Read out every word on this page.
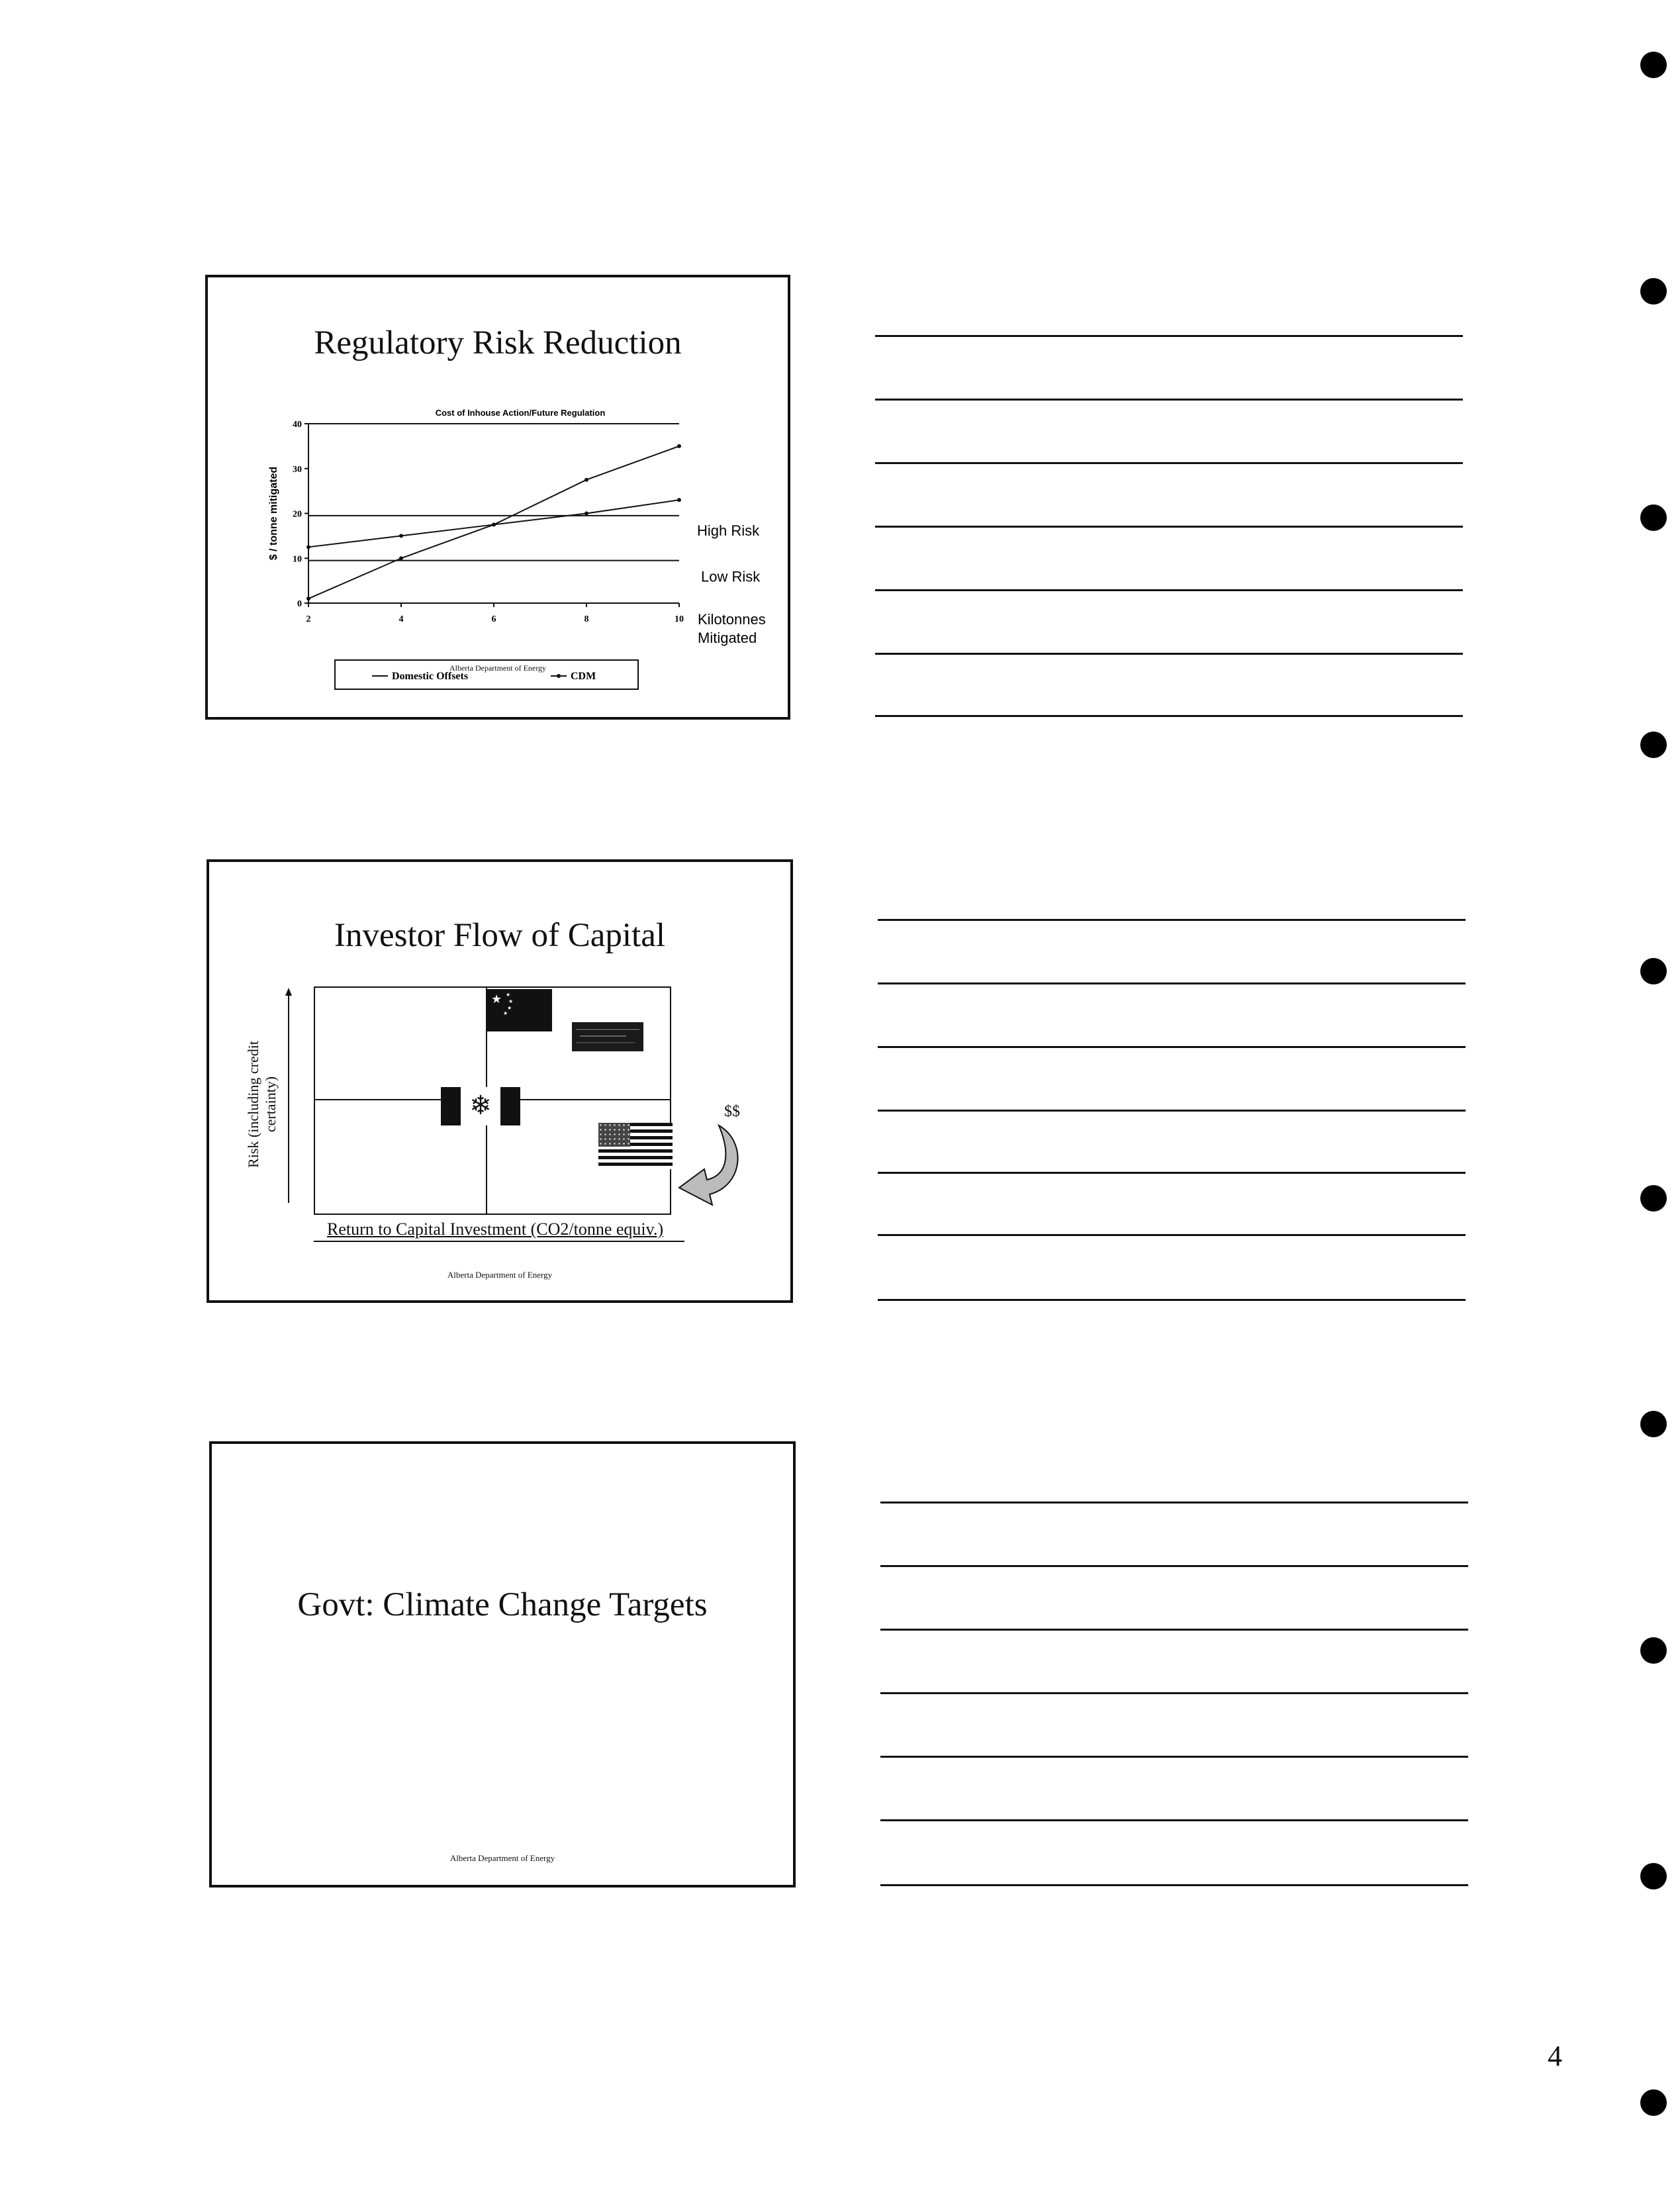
Regulatory Risk Reduction
Cost of Inhouse Action/Future Regulation
0
10
20
30
40
2	4	6	8	10
High Risk
Low Risk
Kilotonnes
Mitigated
$ / tonne mitigated
Domestic Offsets	CDM
Alberta Department of Energy
Investor Flow of Capital
Risk (including credit certainty)
★ ★
★
★
★
❄	$$
Return to Capital Investment (CO2/tonne equiv.)
Alberta Department of Energy
Govt: Climate Change Targets
Alberta Department of Energy
4
